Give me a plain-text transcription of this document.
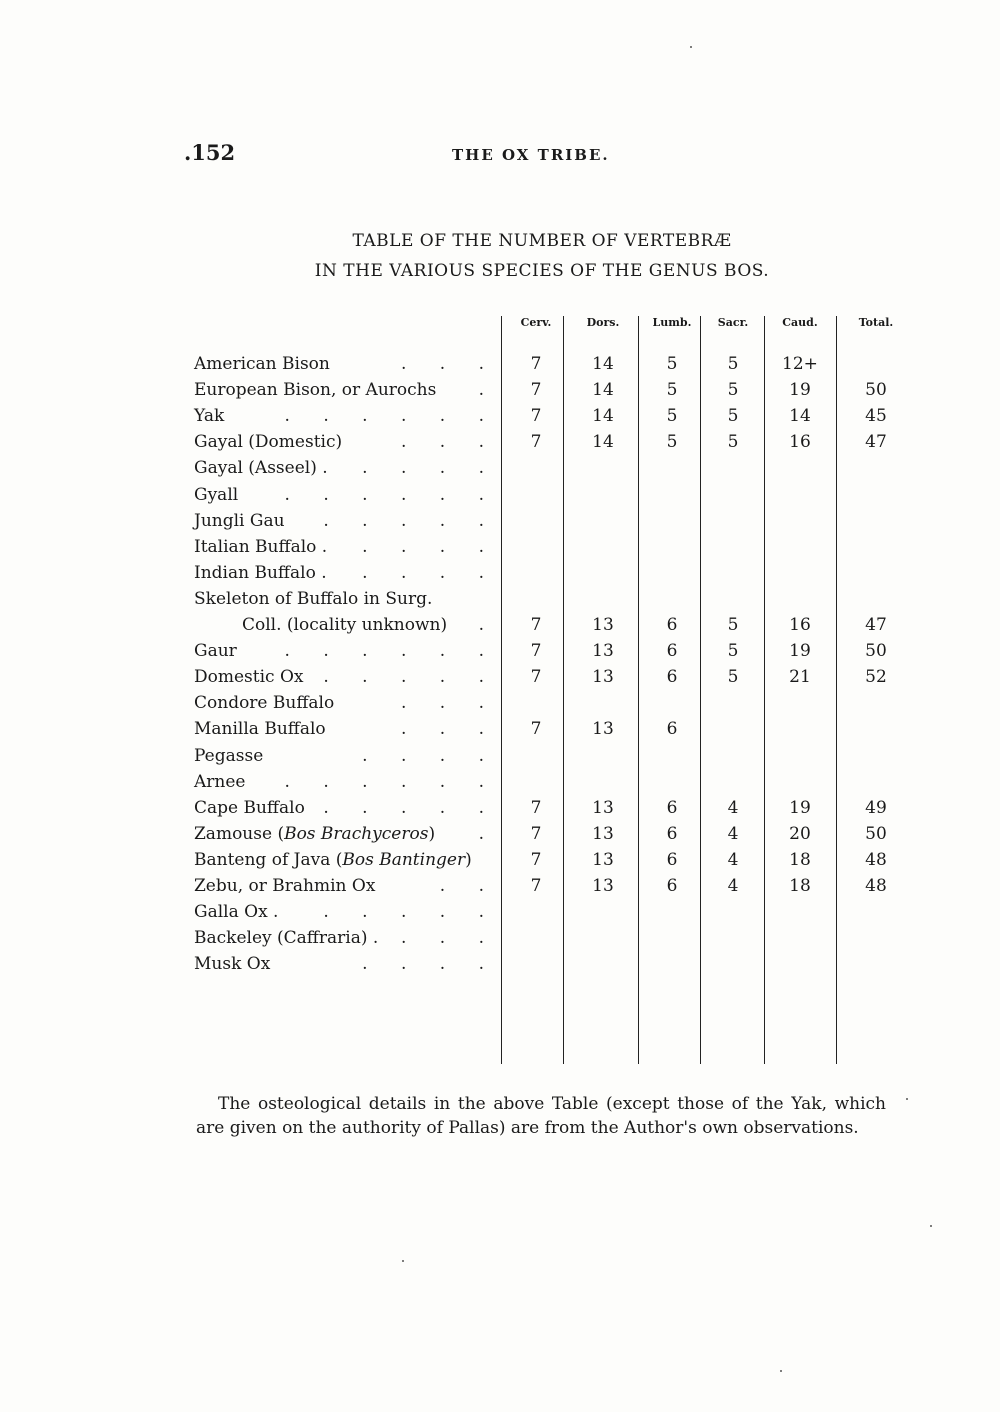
.152	THE OX TRIBE.
TABLE OF THE NUMBER OF VERTEBRÆ
IN THE VARIOUS SPECIES OF THE GENUS BOS.
Cerv.	Dors.	Lumb.	Sacr.	Caud.	Total.
American Bison	. . .	7	14	5	5	12+
European Bison, or Aurochs .	7	14	5	5	19	50
Yak	. . . . . .	7	14	5	5	14	45
Gayal (Domestic)	. . .	7	14	5	5	16	47
Gayal (Asseel) . . . . .
Gyall	. . . . . .
Jungli Gau . . . . .
Italian Buffalo . . . . .
Indian Buffalo . . . . .
Skeleton of Buffalo in Surg.
Coll. (locality unknown) .	7	13	6	5	16	47
Gaur	. . . . . .	7	13	6	5	19	50
Domestic Ox . . . . .	7	13	6	5	21	52
Condore Buffalo	. . .
Manilla Buffalo	. . .	7	13	6
Pegasse	. . . .
Arnee . . . . . .
Cape Buffalo . . . . .	7	13	6	4	19	49
Zamouse (Bos Brachyceros)	.	7	13	6	4	20	50
Banteng of Java (Bos Bantinger)	7	13	6	4	18	48
Zebu, or Brahmin Ox	. .	7	13	6	4	18	48
Galla Ox .	. . . . .
Backeley (Caffraria) . . . .
Musk Ox	. . . .
The osteological details in the above Table (except those of the Yak, which are given on the authority of Pallas) are from the Author's own observations.
